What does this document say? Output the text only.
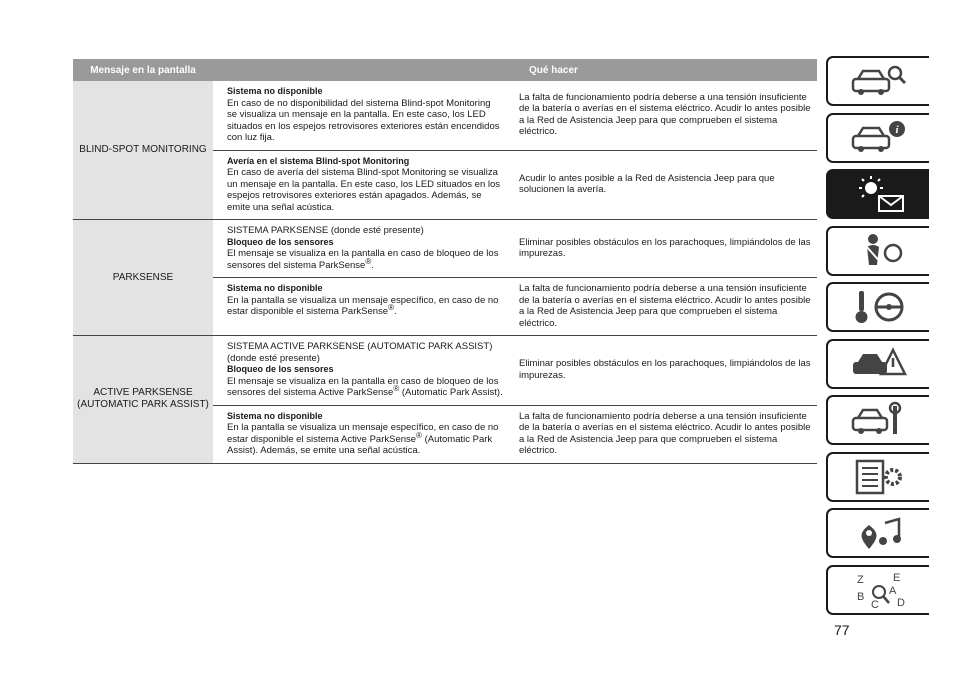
Mensaje en la pantalla	Qué hacer
BLIND-SPOT MONITORING
Sistema no disponible
En caso de no disponibilidad del sistema Blind-spot Monitoring se visualiza un mensaje en la pantalla. En este caso, los LED situados en los espejos retrovisores exteriores están encendidos con luz fija.
La falta de funcionamiento podría deberse a una tensión insuficiente de la batería o averías en el sistema eléctrico. Acudir lo antes posible a la Red de Asistencia Jeep para que comprueben el sistema eléctrico.
Avería en el sistema Blind-spot Monitoring
En caso de avería del sistema Blind-spot Monitoring se visualiza un mensaje en la pantalla. En este caso, los LED situados en los espejos retrovisores exteriores están apagados. Además, se emite una señal acústica.
Acudir lo antes posible a la Red de Asistencia Jeep para que solucionen la avería.
PARKSENSE
SISTEMA PARKSENSE (donde esté presente)
Bloqueo de los sensores
El mensaje se visualiza en la pantalla en caso de bloqueo de los sensores del sistema ParkSense®.
Eliminar posibles obstáculos en los parachoques, limpiándolos de las impurezas.
Sistema no disponible
En la pantalla se visualiza un mensaje específico, en caso de no estar disponible el sistema ParkSense®.
La falta de funcionamiento podría deberse a una tensión insuficiente de la batería o averías en el sistema eléctrico. Acudir lo antes posible a la Red de Asistencia Jeep para que comprueben el sistema eléctrico.
ACTIVE PARKSENSE (AUTOMATIC PARK ASSIST)
SISTEMA ACTIVE PARKSENSE (AUTOMATIC PARK ASSIST) (donde esté presente)
Bloqueo de los sensores
El mensaje se visualiza en la pantalla en caso de bloqueo de los sensores del sistema Active ParkSense® (Automatic Park Assist).
Eliminar posibles obstáculos en los parachoques, limpiándolos de las impurezas.
Sistema no disponible
En la pantalla se visualiza un mensaje específico, en caso de no estar disponible el sistema Active ParkSense® (Automatic Park Assist). Además, se emite una señal acústica.
La falta de funcionamiento podría deberse a una tensión insuficiente de la batería o averías en el sistema eléctrico. Acudir lo antes posible a la Red de Asistencia Jeep para que comprueben el sistema eléctrico.
i
Z	E
B A
C D
77
